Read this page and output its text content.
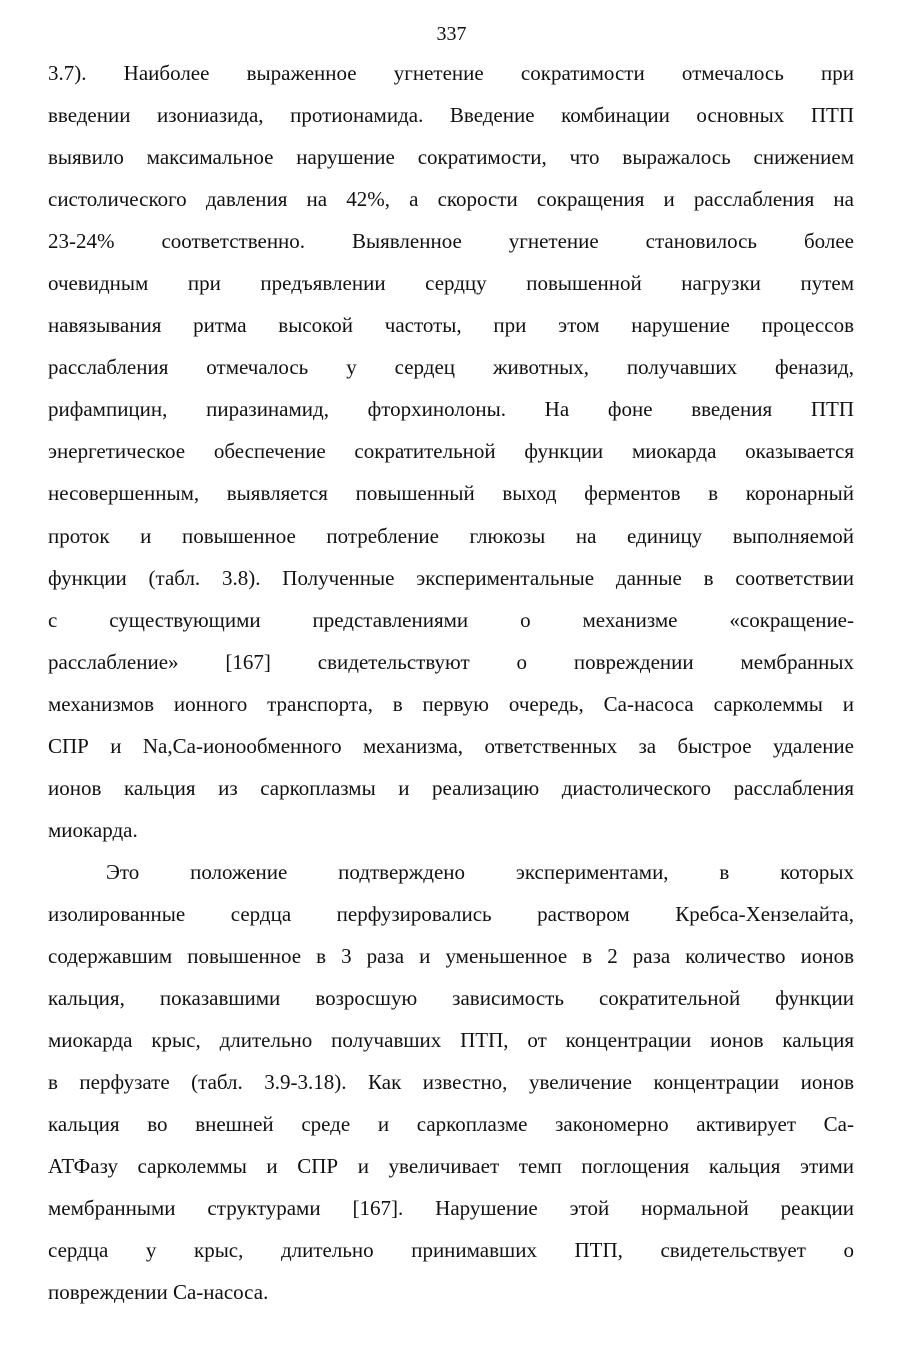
337
3.7). Наиболее выраженное угнетение сократимости отмечалось при
введении изониазида, протионамида. Введение комбинации основных ПТП
выявило максимальное нарушение сократимости, что выражалось снижением
систолического давления на 42%, а скорости сокращения и расслабления на
23-24% соответственно. Выявленное угнетение становилось более
очевидным при предъявлении сердцу повышенной нагрузки путем
навязывания ритма высокой частоты, при этом нарушение процессов
расслабления отмечалось у сердец животных, получавших феназид,
рифампицин, пиразинамид, фторхинолоны. На фоне введения ПТП
энергетическое обеспечение сократительной функции миокарда оказывается
несовершенным, выявляется повышенный выход ферментов в коронарный
проток и повышенное потребление глюкозы на единицу выполняемой
функции (табл. 3.8). Полученные экспериментальные данные в соответствии
с существующими представлениями о механизме «сокращение-
расслабление» [167] свидетельствуют о повреждении мембранных
механизмов ионного транспорта, в первую очередь, Са-насоса сарколеммы и
СПР и Na,Са-ионообменного механизма, ответственных за быстрое удаление
ионов кальция из саркоплазмы и реализацию диастолического расслабления
миокарда.
Это положение подтверждено экспериментами, в которых
изолированные сердца перфузировались раствором Кребса-Хензелайта,
содержавшим повышенное в 3 раза и уменьшенное в 2 раза количество ионов
кальция, показавшими возросшую зависимость сократительной функции
миокарда крыс, длительно получавших ПТП, от концентрации ионов кальция
в перфузате (табл. 3.9-3.18). Как известно, увеличение концентрации ионов
кальция во внешней среде и саркоплазме закономерно активирует Са-
АТФазу сарколеммы и СПР и увеличивает темп поглощения кальция этими
мембранными структурами [167]. Нарушение этой нормальной реакции
сердца у крыс, длительно принимавших ПТП, свидетельствует о
повреждении Са-насоса.
